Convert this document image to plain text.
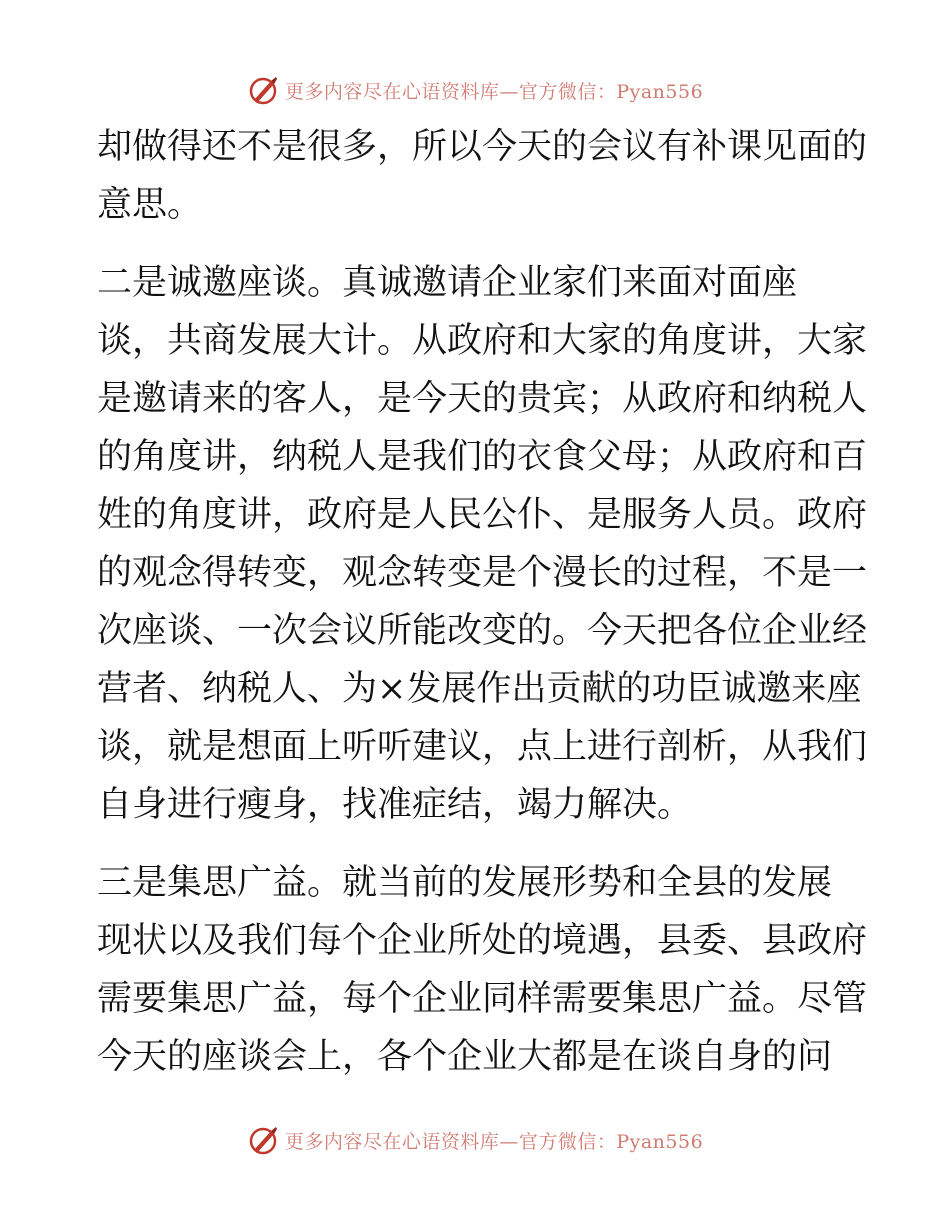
更多内容尽在心语资料库—官方微信：Pyan556
却做得还不是很多，所以今天的会议有补课见面的
意思。
二是诚邀座谈。真诚邀请企业家们来面对面座
谈，共商发展大计。从政府和大家的角度讲，大家
是邀请来的客人，是今天的贵宾；从政府和纳税人
的角度讲，纳税人是我们的衣食父母；从政府和百
姓的角度讲，政府是人民公仆、是服务人员。政府
的观念得转变，观念转变是个漫长的过程，不是一
次座谈、一次会议所能改变的。今天把各位企业经
营者、纳税人、为×发展作出贡献的功臣诚邀来座
谈，就是想面上听听建议，点上进行剖析，从我们
自身进行瘦身，找准症结，竭力解决。
三是集思广益。就当前的发展形势和全县的发展
现状以及我们每个企业所处的境遇，县委、县政府
需要集思广益，每个企业同样需要集思广益。尽管
今天的座谈会上，各个企业大都是在谈自身的问
更多内容尽在心语资料库—官方微信：Pyan556
